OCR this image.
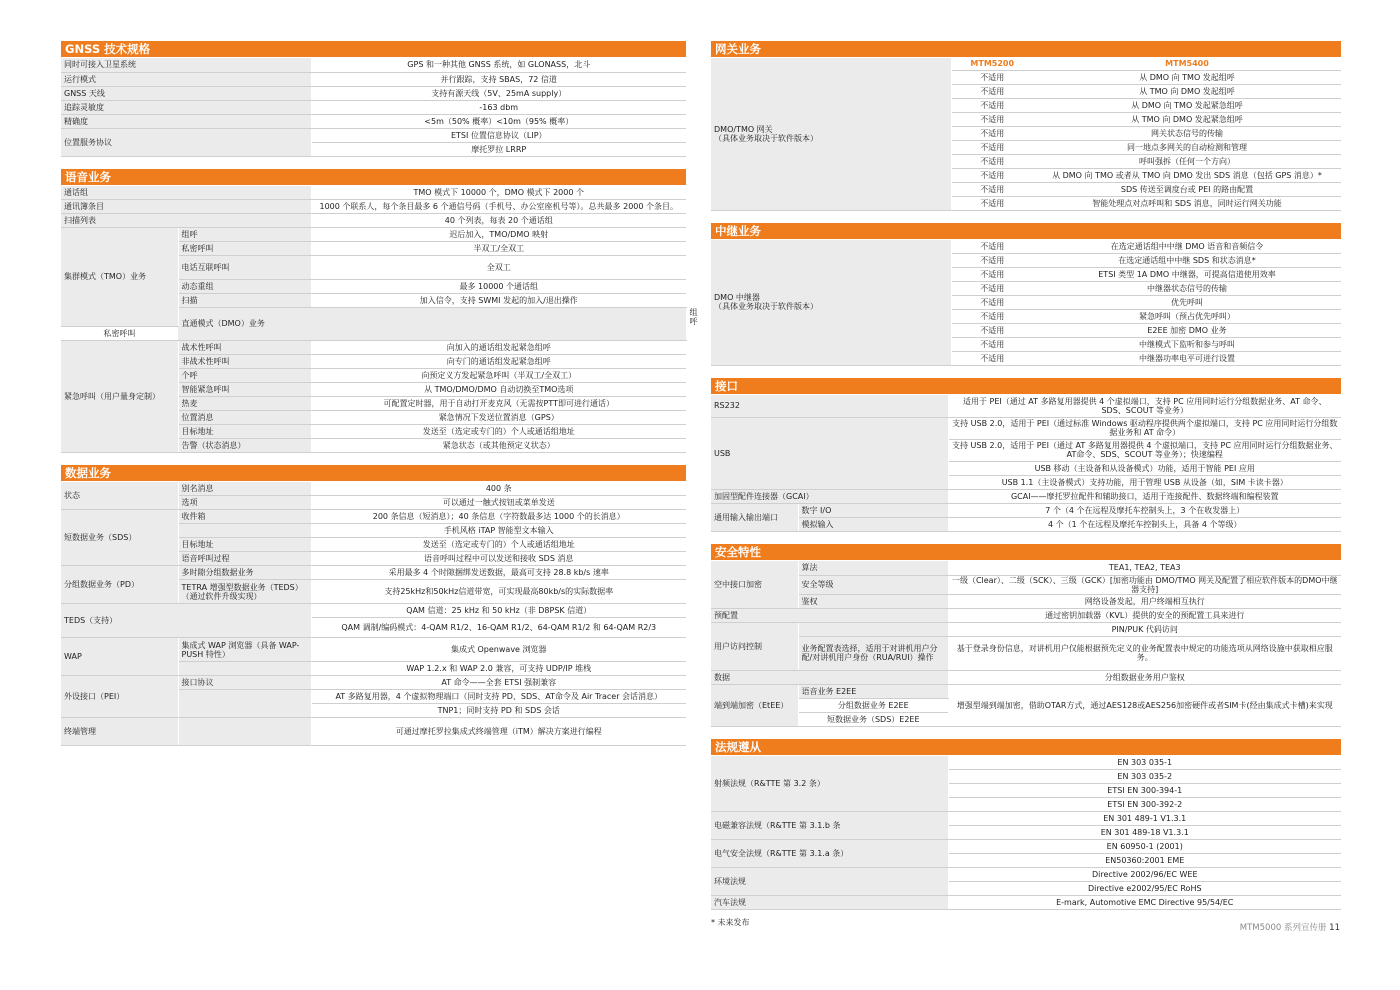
GNSS 技术规格
同时可接入卫星系统	GPS 和一种其他 GNSS 系统，如 GLONASS，北斗
运行模式	并行跟踪，支持 SBAS，72 信道
GNSS 天线	支持有源天线（5V、25mA supply）
追踪灵敏度	-163 dbm
精确度	<5m（50% 概率）<10m（95% 概率）
位置服务协议	ETSI 位置信息协议（LIP）
	摩托罗拉 LRRP
语音业务
通话组		TMO 模式下 10000 个，DMO 模式下 2000 个	
通讯簿条目		1000 个联系人，每个条目最多 6 个通信号码（手机号、办公室座机号等）。总共最多 2000 个条目。	
扫描列表		40 个列表，每表 20 个通话组	
集群模式（TMO）业务	组呼	迟后加入，TMO/DMO 映射	
	私密呼叫	半双工/全双工	
	电话互联呼叫	全双工	
	动态重组	最多 10000 个通话组	
	扫描	加入信令，支持 SWMI 发起的加入/退出操作	
	直通模式（DMO）业务		组呼
私密呼叫			
紧急呼叫（用户量身定制）	战术性呼叫	向加入的通话组发起紧急组呼	
	非战术性呼叫	向专门的通话组发起紧急组呼	
	个呼	向预定义方发起紧急呼叫（半双工/全双工）	
	智能紧急呼叫	从 TMO/DMO/DMO 自动切换至TMO选项	
	热麦	可配置定时器，用于自动打开麦克风（无需按PTT即可进行通话）	
	位置消息	紧急情况下发送位置消息（GPS）	
	目标地址	发送至（选定或专门的）个人或通话组地址	
	告警（状态消息）	紧急状态（或其他预定义状态）	
数据业务
状态	别名消息	400 条
	选项	可以通过一触式按钮或菜单发送
短数据业务（SDS）	收件箱	200 条信息（短消息）；40 条信息（字符数最多达 1000 个的长消息）
		手机风格 iTAP 智能型文本输入
	目标地址	发送至（选定或专门的）个人或通话组地址
	语音呼叫过程	语音呼叫过程中可以发送和接收 SDS 消息
分组数据业务（PD）	多时隙分组数据业务	采用最多 4 个时隙捆绑发送数据，最高可支持 28.8 kb/s 速率
	TETRA 增强型数据业务（TEDS）（通过软件升级实现）	支持25kHz和50kHz信道带宽，可实现最高80kb/s的实际数据率
TEDS（支持）		QAM 信道：25 kHz 和 50 kHz（非 D8PSK 信道）
		QAM 调制/编码模式：4-QAM R1/2、16-QAM R1/2、64-QAM R1/2 和 64-QAM R2/3
WAP	集成式 WAP 浏览器（具备 WAP-PUSH 特性）	集成式 Openwave 浏览器
		WAP 1.2.x 和 WAP 2.0 兼容，可支持 UDP/IP 堆栈
外设接口（PEI）	接口协议	AT 命令——全套 ETSI 强制兼容
		AT 多路复用器，4 个虚拟物理端口（同时支持 PD、SDS、AT命令及 Air Tracer 会话消息）
		TNP1；同时支持 PD 和 SDS 会话
终端管理		可通过摩托罗拉集成式终端管理（iTM）解决方案进行编程
网关业务
DMO/TMO 网关
（具体业务取决于软件版本）	MTM5200	MTM5400
	不适用	从 DMO 向 TMO 发起组呼
	不适用	从 TMO 向 DMO 发起组呼
	不适用	从 DMO 向 TMO 发起紧急组呼
	不适用	从 TMO 向 DMO 发起紧急组呼
	不适用	网关状态信号的传输
	不适用	同一地点多网关的自动检测和管理
	不适用	呼叫强拆（任何一个方向）
	不适用	从 DMO 向 TMO 或者从 TMO 向 DMO 发出 SDS 消息（包括 GPS 消息）*
	不适用	SDS 传送至调度台或 PEI 的路由配置
	不适用	智能处理点对点呼叫和 SDS 消息，同时运行网关功能
中继业务
DMO 中继器
（具体业务取决于软件版本）	不适用	在选定通话组中中继 DMO 语音和音频信令
	不适用	在选定通话组中中继 SDS 和状态消息*
	不适用	ETSI 类型 1A DMO 中继器，可提高信道使用效率
	不适用	中继器状态信号的传输
	不适用	优先呼叫
	不适用	紧急呼叫（预占优先呼叫）
	不适用	E2EE 加密 DMO 业务
	不适用	中继模式下监听和参与呼叫
	不适用	中继器功率电平可进行设置
接口
RS232	适用于 PEI（通过 AT 多路复用器提供 4 个虚拟端口，支持 PC 应用同时运行分组数据业务、AT 命令、SDS、SCOUT 等业务）
USB	支持 USB 2.0，适用于 PEI（通过标准 Windows 驱动程序提供两个虚拟端口，支持 PC 应用同时运行分组数据业务和 AT 命令）
	支持 USB 2.0，适用于 PEI（通过 AT 多路复用器提供 4 个虚拟端口，支持 PC 应用同时运行分组数据业务、AT命令、SDS、SCOUT 等业务）；快速编程
	USB 移动（主设备和从设备模式）功能，适用于智能 PEI 应用
	USB 1.1（主设备模式）支持功能，用于管理 USB 从设备（如，SIM 卡读卡器）
加固型配件连接器（GCAI）	GCAI——摩托罗拉配件和辅助接口，适用于连接配件、数据终端和编程装置
通用输入输出端口	数字 I/O	7 个（4 个在远程及摩托车控制头上，3 个在收发器上）
	模拟输入	4 个（1 个在远程及摩托车控制头上，具备 4 个等级）
安全特性
空中接口加密	算法	TEA1, TEA2, TEA3
	安全等级	一级（Clear）、二级（SCK）、三级（GCK）[加密功能由 DMO/TMO 网关及配置了相应软件版本的DMO中继器支持]
	鉴权	网络设备发起，用户终端相互执行
预配置		通过密钥加载器（KVL）提供的安全的预配置工具来进行
用户访问控制		PIN/PUK 代码访问
	业务配置表选择，适用于对讲机用户分配/对讲机用户身份（RUA/RUI）操作	基于登录身份信息，对讲机用户仅能根据预先定义的业务配置表中规定的功能选项从网络设施中获取相应服务。
数据		分组数据业务用户鉴权
端到端加密（EtEE）	语音业务 E2EE	增强型端到端加密，借助OTAR方式，通过AES128或AES256加密硬件或者SIM卡(经由集成式卡槽)来实现
	分组数据业务 E2EE	
	短数据业务（SDS）E2EE	
法规遵从
射频法规（R&TTE 第 3.2 条）	EN 303 035-1
	EN 303 035-2
	ETSI EN 300-394-1
	ETSI EN 300-392-2
电磁兼容法规（R&TTE 第 3.1.b 条	EN 301 489-1 V1.3.1
	EN 301 489-18 V1.3.1
电气安全法规（R&TTE 第 3.1.a 条）	EN 60950-1 (2001)
	EN50360:2001 EME
环境法规	Directive 2002/96/EC WEE
	Directive e2002/95/EC RoHS
汽车法规	E-mark, Automotive EMC Directive 95/54/EC
* 未来发布
MTM5000 系列宣传册 11
